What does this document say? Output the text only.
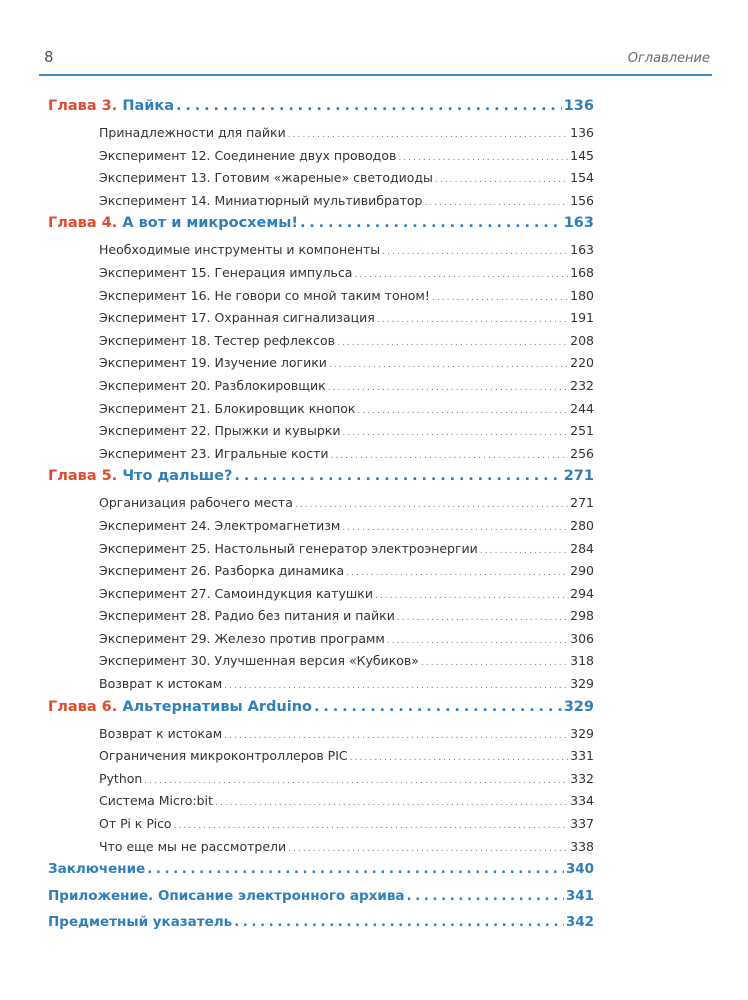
8	Оглавление
Глава 3. Пайка . . .	136
Принадлежности для пайки . . .	136
Эксперимент 12. Соединение двух проводов . . .	145
Эксперимент 13. Готовим «жареные» светодиоды . . .	154
Эксперимент 14. Миниатюрный мультивибратор . . .	156
Глава 4. А вот и микросхемы! . . .	163
Необходимые инструменты и компоненты . . .	163
Эксперимент 15. Генерация импульса . . .	168
Эксперимент 16. Не говори со мной таким тоном! . . .	180
Эксперимент 17. Охранная сигнализация . . .	191
Эксперимент 18. Тестер рефлексов . . .	208
Эксперимент 19. Изучение логики . . .	220
Эксперимент 20. Разблокировщик . . .	232
Эксперимент 21. Блокировщик кнопок . . .	244
Эксперимент 22. Прыжки и кувырки . . .	251
Эксперимент 23. Игральные кости . . .	256
Глава 5. Что дальше? . . .	271
Организация рабочего места . . .	271
Эксперимент 24. Электромагнетизм . . .	280
Эксперимент 25. Настольный генератор электроэнергии . . .	284
Эксперимент 26. Разборка динамика . . .	290
Эксперимент 27. Самоиндукция катушки . . .	294
Эксперимент 28. Радио без питания и пайки . . .	298
Эксперимент 29. Железо против программ . . .	306
Эксперимент 30. Улучшенная версия «Кубиков» . . .	318
Возврат к истокам . . .	329
Глава 6. Альтернативы Arduino . . .	329
Возврат к истокам . . .	329
Ограничения микроконтроллеров PIC . . .	331
Python . . .	332
Система Micro:bit . . .	334
От Pi к Pico . . .	337
Что еще мы не рассмотрели . . .	338
Заключение . . .	340
Приложение. Описание электронного архива . . .	341
Предметный указатель . . .	342
